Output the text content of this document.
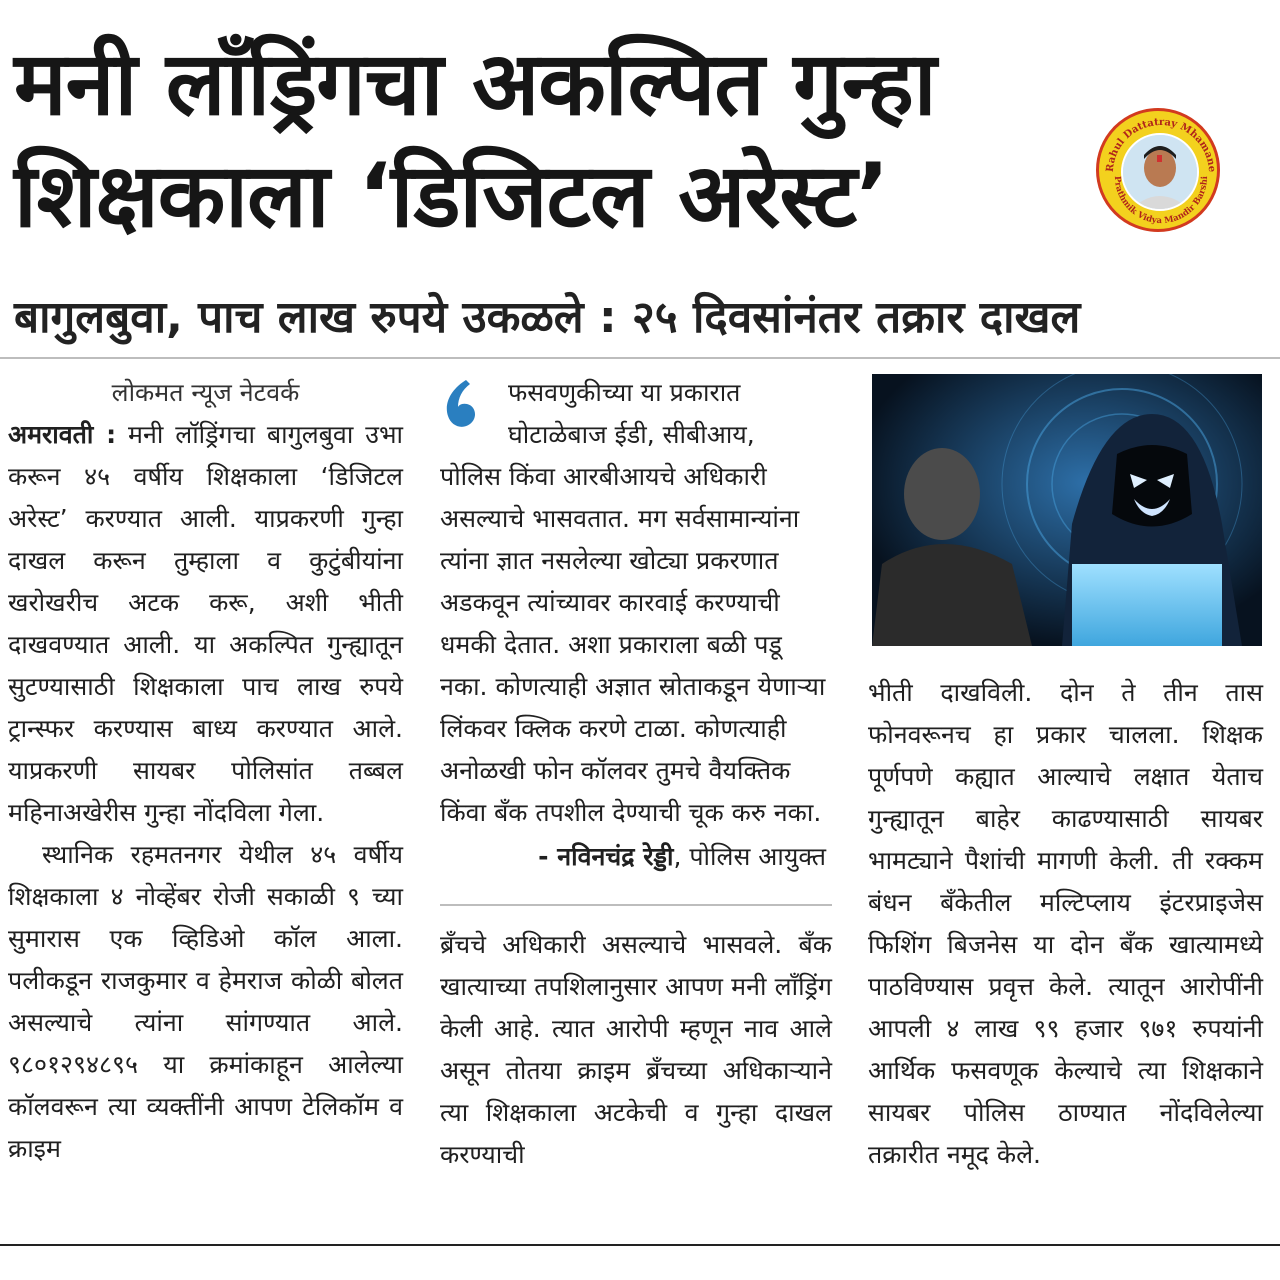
मनी लॉंड्रिंगचा अकल्पित गुन्हा
शिक्षकाला ‘डिजिटल अरेस्ट’	Rahul Dattatray Mhamane
Prathmik Vidya Mandir Barshi
बागुलबुवा, पाच लाख रुपये उकळले : २५ दिवसांनंतर तक्रार दाखल

लोकमत न्यूज नेटवर्क

अमरावती : मनी लॉड्रिंगचा बागुलबुवा उभा करून ४५ वर्षीय शिक्षकाला ‘डिजिटल अरेस्ट’ करण्यात आली. याप्रकरणी गुन्हा दाखल करून तुम्हाला व कुटुंबीयांना खरोखरीच अटक करू, अशी भीती दाखवण्यात आली. या अकल्पित गुन्ह्यातून सुटण्यासाठी शिक्षकाला पाच लाख रुपये ट्रान्स्फर करण्यास बाध्य करण्यात आले. याप्रकरणी सायबर पोलिसांत तब्बल महिनाअखेरीस गुन्हा नोंदविला गेला.

स्थानिक रहमतनगर येथील ४५ वर्षीय शिक्षकाला ४ नोव्हेंबर रोजी सकाळी ९ च्या सुमारास एक व्हिडिओ कॉल आला. पलीकडून राजकुमार व हेमराज कोळी बोलत असल्याचे त्यांना सांगण्यात आले. ९८०१२९४८९५ या क्रमांकाहून आलेल्या कॉलवरून त्या व्यक्तींनी आपण टेलिकॉम व क्राइम

फसवणुकीच्या या प्रकारात घोटाळेबाज ईडी, सीबीआय,

पोलिस किंवा आरबीआयचे अधिकारी असल्याचे भासवतात. मग सर्वसामान्यांना त्यांना ज्ञात नसलेल्या खोट्या प्रकरणात अडकवून त्यांच्यावर कारवाई करण्याची धमकी देतात. अशा प्रकाराला बळी पडू नका. कोणत्याही अज्ञात स्रोताकडून येणाऱ्या लिंकवर क्लिक करणे टाळा. कोणत्याही अनोळखी फोन कॉलवर तुमचे वैयक्तिक किंवा बँक तपशील देण्याची चूक करु नका.

- नविनचंद्र रेड्डी, पोलिस आयुक्त

ब्रँचचे अधिकारी असल्याचे भासवले. बँक खात्याच्या तपशिलानुसार आपण मनी लाँड्रिंग केली आहे. त्यात आरोपी म्हणून नाव आले असून तोतया क्राइम ब्रँचच्या अधिकाऱ्याने त्या शिक्षकाला अटकेची व गुन्हा दाखल करण्याची

भीती दाखविली. दोन ते तीन तास फोनवरूनच हा प्रकार चालला. शिक्षक पूर्णपणे कह्यात आल्याचे लक्षात येताच गुन्ह्यातून बाहेर काढण्यासाठी सायबर भामट्याने पैशांची मागणी केली. ती रक्कम बंधन बँकेतील मल्टिप्लाय इंटरप्राइजेस फिशिंग बिजनेस या दोन बँक खात्यामध्ये पाठविण्यास प्रवृत्त केले. त्यातून आरोपींनी आपली ४ लाख ९९ हजार ९७१ रुपयांनी आर्थिक फसवणूक केल्याचे त्या शिक्षकाने सायबर पोलिस ठाण्यात नोंदविलेल्या तक्रारीत नमूद केले.
